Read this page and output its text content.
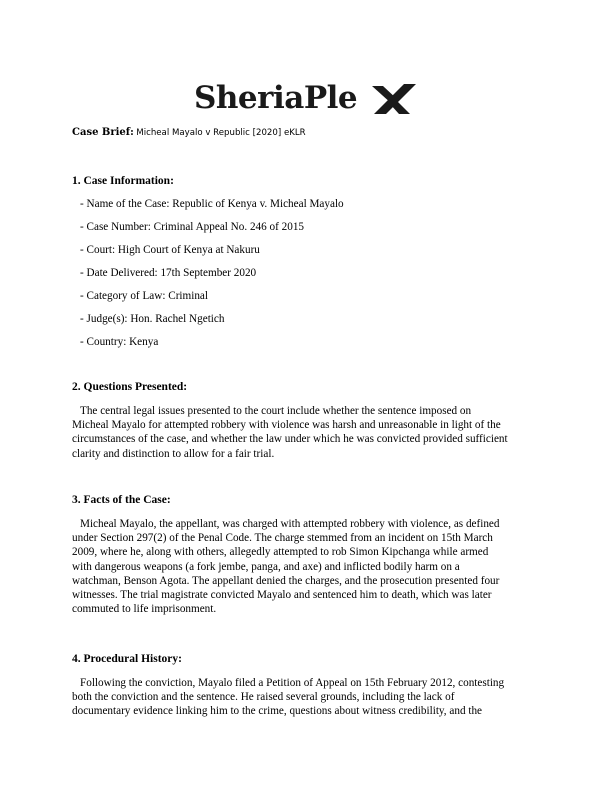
SheriaPle
X
Case Brief: Micheal Mayalo v Republic [2020] eKLR
1. Case Information:
- Name of the Case: Republic of Kenya v. Micheal Mayalo
- Case Number: Criminal Appeal No. 246 of 2015
- Court: High Court of Kenya at Nakuru
- Date Delivered: 17th September 2020
- Category of Law: Criminal
- Judge(s): Hon. Rachel Ngetich
- Country: Kenya
2. Questions Presented:
The central legal issues presented to the court include whether the sentence imposed on
Micheal Mayalo for attempted robbery with violence was harsh and unreasonable in light of the
circumstances of the case, and whether the law under which he was convicted provided sufficient
clarity and distinction to allow for a fair trial.
3. Facts of the Case:
Micheal Mayalo, the appellant, was charged with attempted robbery with violence, as defined
under Section 297(2) of the Penal Code. The charge stemmed from an incident on 15th March
2009, where he, along with others, allegedly attempted to rob Simon Kipchanga while armed
with dangerous weapons (a fork jembe, panga, and axe) and inflicted bodily harm on a
watchman, Benson Agota. The appellant denied the charges, and the prosecution presented four
witnesses. The trial magistrate convicted Mayalo and sentenced him to death, which was later
commuted to life imprisonment.
4. Procedural History:
Following the conviction, Mayalo filed a Petition of Appeal on 15th February 2012, contesting
both the conviction and the sentence. He raised several grounds, including the lack of
documentary evidence linking him to the crime, questions about witness credibility, and the
